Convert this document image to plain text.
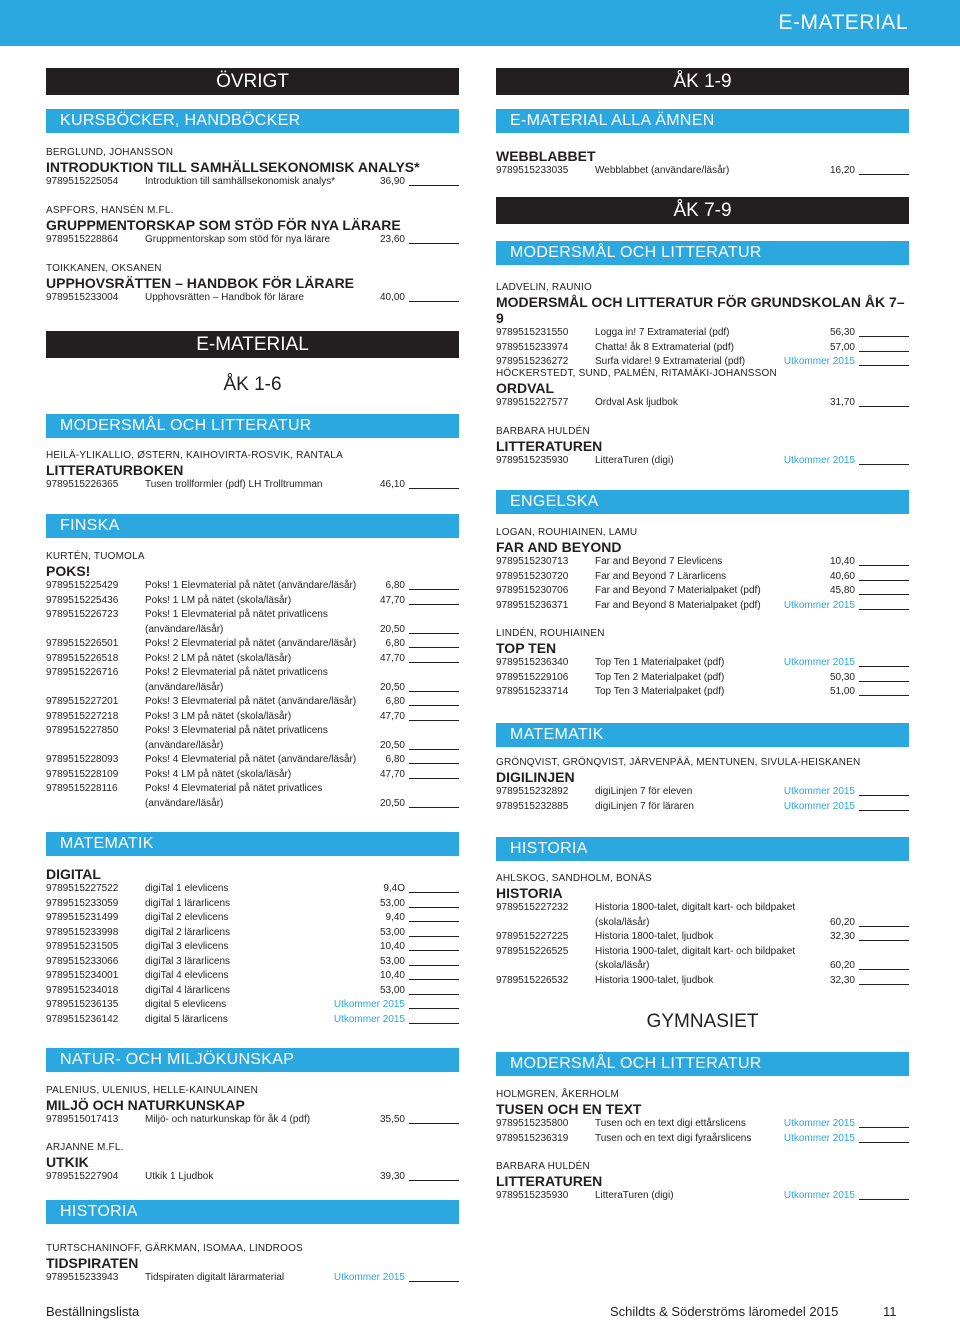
E-MATERIAL
ÖVRIGT
KURSBÖCKER, HANDBÖCKER
BERGLUND, JOHANSSON
INTRODUKTION TILL SAMHÄLLSEKONOMISK ANALYS*
9789515225054	Introduktion till samhällsekonomisk analys*	36,90
ASPFORS, HANSÉN M.FL.
GRUPPMENTORSKAP SOM STÖD FÖR NYA LÄRARE
9789515228864	Gruppmentorskap som stöd för nya lärare	23,60
TOIKKANEN, OKSANEN
UPPHOVSRÄTTEN – HANDBOK FÖR LÄRARE
9789515233004	Upphovsrätten – Handbok för lärare	40,00
E-MATERIAL
ÅK 1-6
MODERSMÅL OCH LITTERATUR
HEILÄ-YLIKALLIO, ØSTERN, KAIHOVIRTA-ROSVIK, RANTALA
LITTERATURBOKEN
9789515226365	Tusen trollformler (pdf) LH Trolltrumman	46,10
FINSKA
KURTÉN, TUOMOLA
POKS!
9789515225429	Poks! 1 Elevmaterial på nätet (användare/läsår)	6,80
9789515225436	Poks! 1 LM på nätet (skola/läsår)	47,70
9789515226723	Poks! 1 Elevmaterial på nätet privatlicens
(användare/läsår)	20,50
9789515226501	Poks! 2 Elevmaterial på nätet (användare/läsår)	6,80
9789515226518	Poks! 2 LM på nätet (skola/läsår)	47,70
9789515226716	Poks! 2 Elevmaterial på nätet privatlicens
(användare/läsår)	20,50
9789515227201	Poks! 3 Elevmaterial på nätet (användare/läsår)	6,80
9789515227218	Poks! 3 LM på nätet (skola/läsår)	47,70
9789515227850	Poks! 3 Elevmaterial på nätet privatlicens
(användare/läsår)	20,50
9789515228093	Poks! 4 Elevmaterial på nätet (användare/läsår)	6,80
9789515228109	Poks! 4 LM på nätet (skola/läsår)	47,70
9789515228116	Poks! 4 Elevmaterial på nätet privatlices
(användare/läsår)	20,50
MATEMATIK
DIGITAL
9789515227522	digiTal 1 elevlicens	9,4O
9789515233059	digiTal 1 lärarlicens	53,00
9789515231499	digiTal 2 elevlicens	9,40
9789515233998	digiTal 2 lärarlicens	53,00
9789515231505	digiTal 3 elevlicens	10,40
9789515233066	digiTal 3 lärarlicens	53,00
9789515234001	digiTal 4 elevlicens	10,40
9789515234018	digiTal 4 lärarlicens	53,00
9789515236135	digital 5 elevlicens	Utkommer 2015
9789515236142	digital 5 lärarlicens	Utkommer 2015
NATUR- OCH MILJÖKUNSKAP
PALENIUS, ULENIUS, HELLE-KAINULAINEN
MILJÖ OCH NATURKUNSKAP
9789515017413	Miljö- och naturkunskap för åk 4 (pdf)	35,50
ARJANNE M.FL.
UTKIK
9789515227904	Utkik 1 Ljudbok	39,30
HISTORIA
TURTSCHANINOFF, GÄRKMAN, ISOMAA, LINDROOS
TIDSPIRATEN
9789515233943	Tidspiraten digitalt lärarmaterial	Utkommer 2015
ÅK 1-9
E-MATERIAL ALLA ÄMNEN
WEBBLABBET
9789515233035	Webblabbet (användare/läsår)	16,20
ÅK 7-9
MODERSMÅL OCH LITTERATUR
LADVELIN, RAUNIO
MODERSMÅL OCH LITTERATUR FÖR GRUNDSKOLAN ÅK 7–9
9789515231550	Logga in! 7 Extramaterial (pdf)	56,30
9789515233974	Chatta! åk 8 Extramaterial (pdf)	57,00
9789515236272	Surfa vidare! 9 Extramaterial (pdf)	Utkommer 2015
HÖCKERSTEDT, SUND, PALMÉN, RITAMÄKI-JOHANSSON
ORDVAL
9789515227577	Ordval Ask ljudbok	31,70
BARBARA HULDÉN
LITTERATUREN
9789515235930	LitteraTuren (digi)	Utkommer 2015
ENGELSKA
LOGAN, ROUHIAINEN, LAMU
FAR AND BEYOND
9789515230713	Far and Beyond 7 Elevlicens	10,40
9789515230720	Far and Beyond 7 Lärarlicens	40,60
9789515230706	Far and Beyond 7 Materialpaket (pdf)	45,80
9789515236371	Far and Beyond 8 Materialpaket (pdf) Utkommer 2015
LINDÉN, ROUHIAINEN
TOP TEN
9789515236340	Top Ten 1 Materialpaket (pdf)	Utkommer 2015
9789515229106	Top Ten 2 Materialpaket (pdf)	50,30
9789515233714	Top Ten 3 Materialpaket (pdf)	51,00
MATEMATIK
GRÖNQVIST, GRÖNQVIST, JÄRVENPÄÄ, MENTUNEN, SIVULA-HEISKANEN
DIGILINJEN
9789515232892	digiLinjen 7 för eleven	Utkommer 2015
9789515232885	digiLinjen 7 för läraren	Utkommer 2015
HISTORIA
AHLSKOG, SANDHOLM, BONÄS
HISTORIA
9789515227232	Historia 1800-talet, digitalt kart- och bildpaket
(skola/läsår)	60,20
9789515227225	Historia 1800-talet, ljudbok	32,30
9789515226525	Historia 1900-talet, digitalt kart- och bildpaket
(skola/läsår)	60,20
9789515226532	Historia 1900-talet, ljudbok	32,30
GYMNASIET
MODERSMÅL OCH LITTERATUR
HOLMGREN, ÅKERHOLM
TUSEN OCH EN TEXT
9789515235800	Tusen och en text digi ettårslicens	Utkommer 2015
9789515236319	Tusen och en text digi fyraårslicens	Utkommer 2015
BARBARA HULDÉN
LITTERATUREN
9789515235930	LitteraTuren (digi)	Utkommer 2015
Beställningslista	Schildts & Söderströms läromedel 2015	11
